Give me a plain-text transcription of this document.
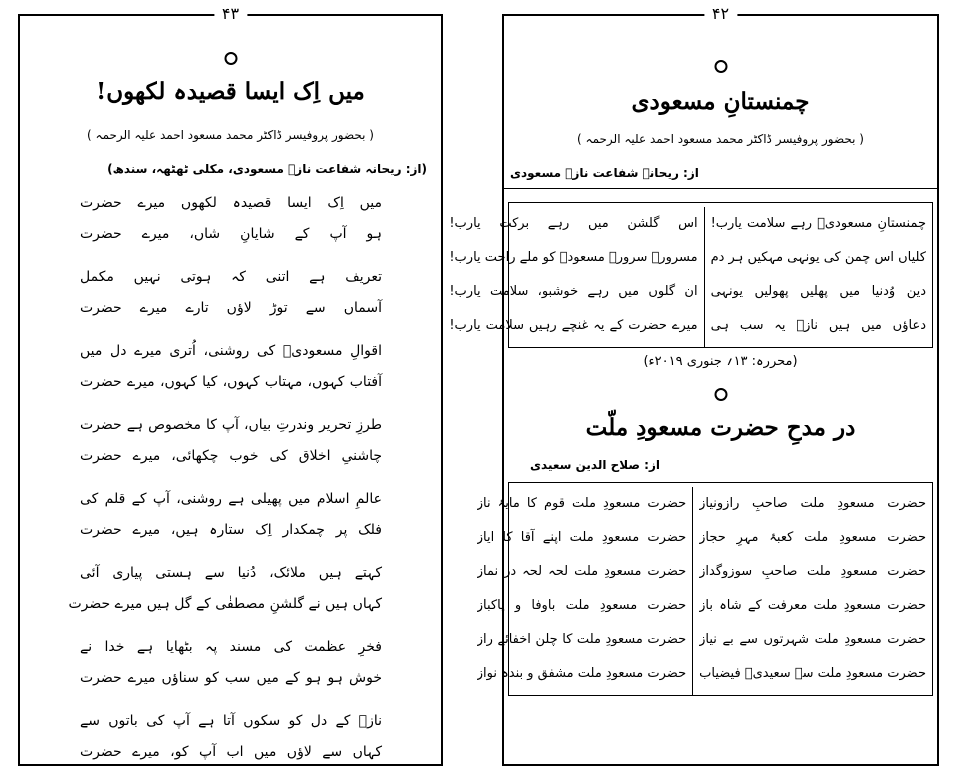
۴۳
میں اِک ایسا قصیدہ لکھوں!
( بحضور پروفیسر ڈاکٹر محمد مسعود احمد علیہ الرحمہ )
(از: ریحانہ شفاعت نازؔ مسعودی، مکلی ٹھٹھہ، سندھ)
میں اِک ایسا قصیدہ لکھوں میرے حضرت
ہو آپ کے شایانِ شاں، میرے حضرت
تعریف ہے اتنی کہ ہوتی نہیں مکمل
آسماں سے توڑ لاؤں تارے میرے حضرت
اقوالِ مسعودیؔ کی روشنی، اُتری میرے دل میں
آفتاب کہوں، مہتاب کہوں، کیا کہوں، میرے حضرت
طرزِ تحریر وندرتِ بیاں، آپ کا مخصوص ہے حضرت
چاشنیِ اخلاق کی خوب چکھائی، میرے حضرت
عالمِ اسلام میں پھیلی ہے روشنی، آپ کے قلم کی
فلک پر چمکدار اِک ستارہ ہیں، میرے حضرت
کہتے ہیں ملائک، دُنیا سے ہستی پیاری آئی
کہاں ہیں نے گلشنِ مصطفٰی کے گل ہیں میرے حضرت
فخرِ عظمت کی مسند پہ بٹھایا ہے خدا نے
خوش ہو ہو کے میں سب کو سناؤں میرے حضرت
نازؔ کے دل کو سکوں آتا ہے آپ کی باتوں سے
کہاں سے لاؤں میں اب آپ کو، میرے حضرت
۴۲
چمنستانِ مسعودی
( بحضور پروفیسر ڈاکٹر محمد مسعود احمد علیہ الرحمہ )
از: ریحانہ شفاعت نازؔ مسعودی
چمنستانِ مسعودیؔ رہے سلامت یارب!
کلیاں اس چمن کی یونہی مہکیں ہر دم
دین وُدنیا میں پھلیں پھولیں یونہی
دعاؤں میں ہیں نازؔ یہ سب ہی
اس گلشن میں رہے برکت یارب!
مسرورؔ سرورؔ مسعودؔ کو ملے راحت یارب!
ان گلوں میں رہے خوشبو، سلامت یارب!
میرے حضرت کے یہ غنچے رہیں سلامت یارب!
(محررہ: ۱۳؍ جنوری ۲۰۱۹ء)
در مدحِ حضرت مسعودِ ملّت
از: صلاح الدین سعیدی
حضرت مسعودِ ملت صاحبِ رازونیاز
حضرت مسعودِ ملت کعبۂ مہرِ حجاز
حضرت مسعودِ ملت صاحبِ سوزوگداز
حضرت مسعودِ ملت معرفت کے شاہ باز
حضرت مسعودِ ملت شہرتوں سے بے نیاز
حضرت مسعودِ ملت سے سعیدیؔ فیضیاب
حضرت مسعودِ ملت قوم کا مایۂ ناز
حضرت مسعودِ ملت اپنے آقا کا ایاز
حضرت مسعودِ ملت لحہ لحہ در نماز
حضرت مسعودِ ملت باوفا و پاکباز
حضرت مسعودِ ملت کا چلن اخفائے راز
حضرت مسعودِ ملت مشفق و بندہ نواز
